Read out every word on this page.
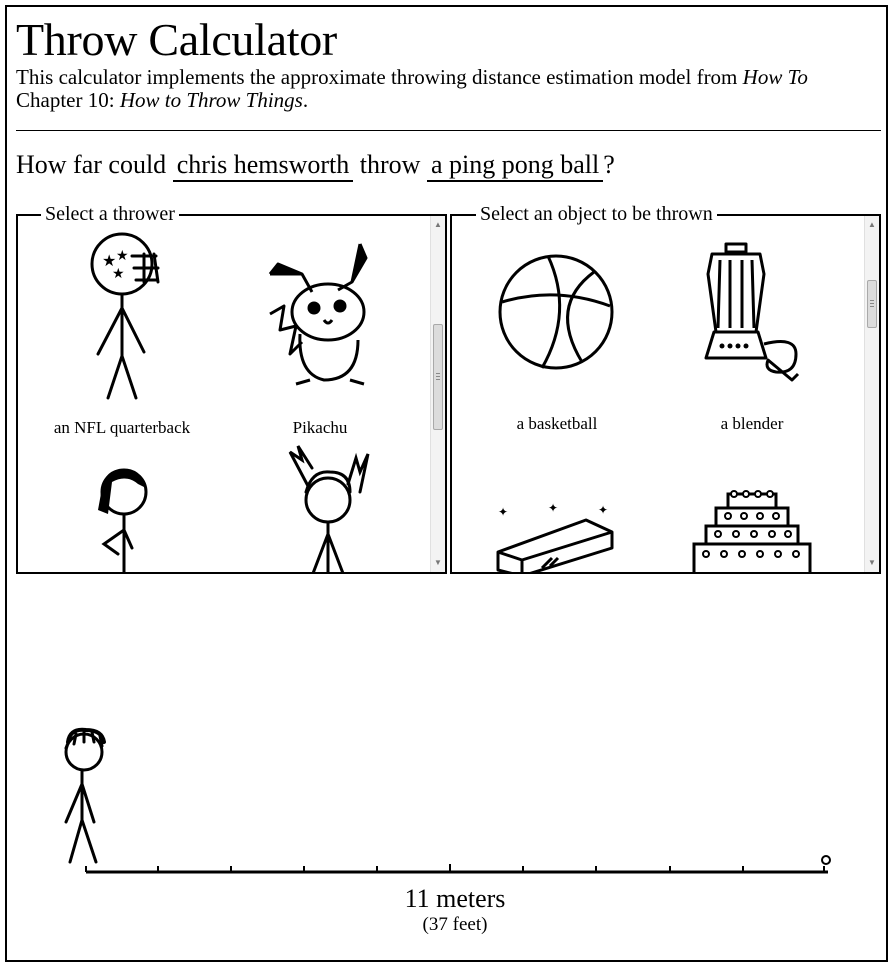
Throw Calculator

This calculator implements the approximate throwing distance estimation model from How To
Chapter 10: How to Throw Things.

How far could chris hemsworth throw a ping pong ball ?
★ ★
★
an NFL quarterback	Pikachu
▲
▼
Select a thrower
a basketball	a blender
✦	✦	✦
▲
▼
Select an object to be thrown
11 meters
(37 feet)
